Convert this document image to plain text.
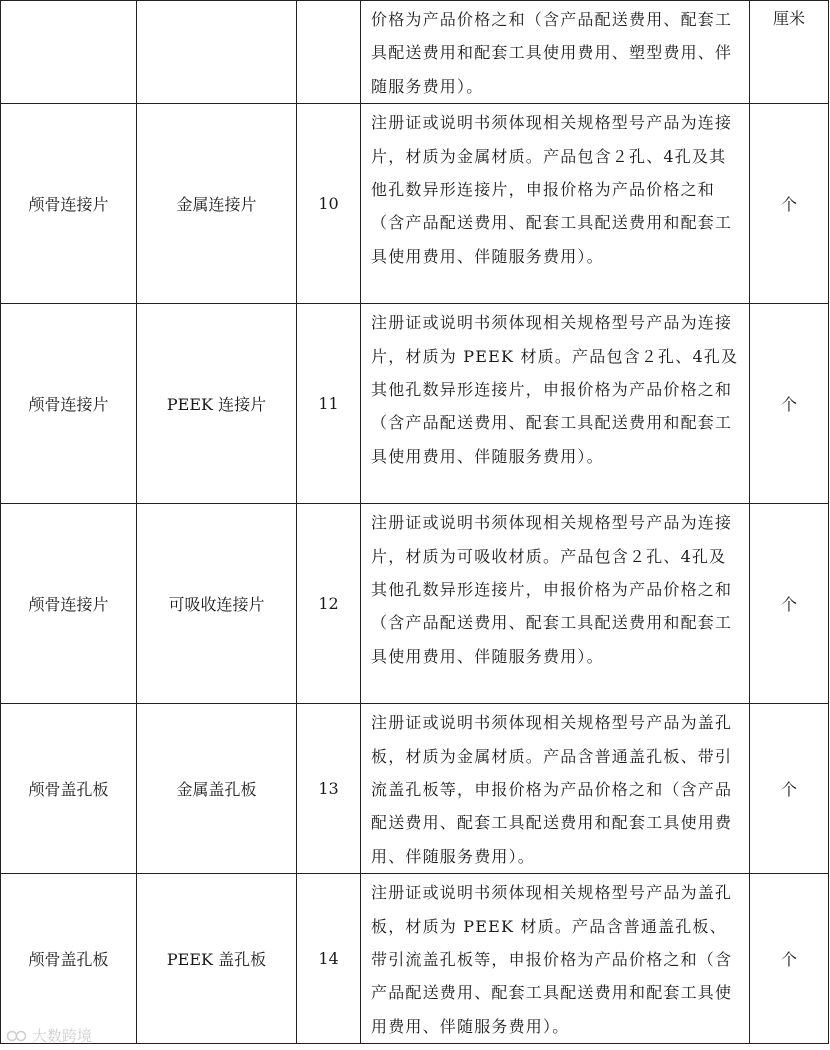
			价格为产品价格之和（含产品配送费用、配套工具配送费用和配套工具使用费用、塑型费用、伴随服务费用）。	厘米
颅骨连接片	金属连接片	10	注册证或说明书须体现相关规格型号产品为连接片，材质为金属材质。产品包含２孔、4孔及其他孔数异形连接片，申报价格为产品价格之和（含产品配送费用、配套工具配送费用和配套工具使用费用、伴随服务费用）。	个
颅骨连接片	PEEK 连接片	11	注册证或说明书须体现相关规格型号产品为连接片，材质为 PEEK 材质。产品包含２孔、4孔及其他孔数异形连接片，申报价格为产品价格之和（含产品配送费用、配套工具配送费用和配套工具使用费用、伴随服务费用）。	个
颅骨连接片	可吸收连接片	12	注册证或说明书须体现相关规格型号产品为连接片，材质为可吸收材质。产品包含２孔、4孔及其他孔数异形连接片，申报价格为产品价格之和（含产品配送费用、配套工具配送费用和配套工具使用费用、伴随服务费用）。	个
颅骨盖孔板	金属盖孔板	13	注册证或说明书须体现相关规格型号产品为盖孔板，材质为金属材质。产品含普通盖孔板、带引流盖孔板等，申报价格为产品价格之和（含产品配送费用、配套工具配送费用和配套工具使用费用、伴随服务费用）。	个
颅骨盖孔板	PEEK 盖孔板	14	注册证或说明书须体现相关规格型号产品为盖孔板，材质为 PEEK 材质。产品含普通盖孔板、带引流盖孔板等，申报价格为产品价格之和（含产品配送费用、配套工具配送费用和配套工具使用费用、伴随服务费用）。	个
大数跨境
